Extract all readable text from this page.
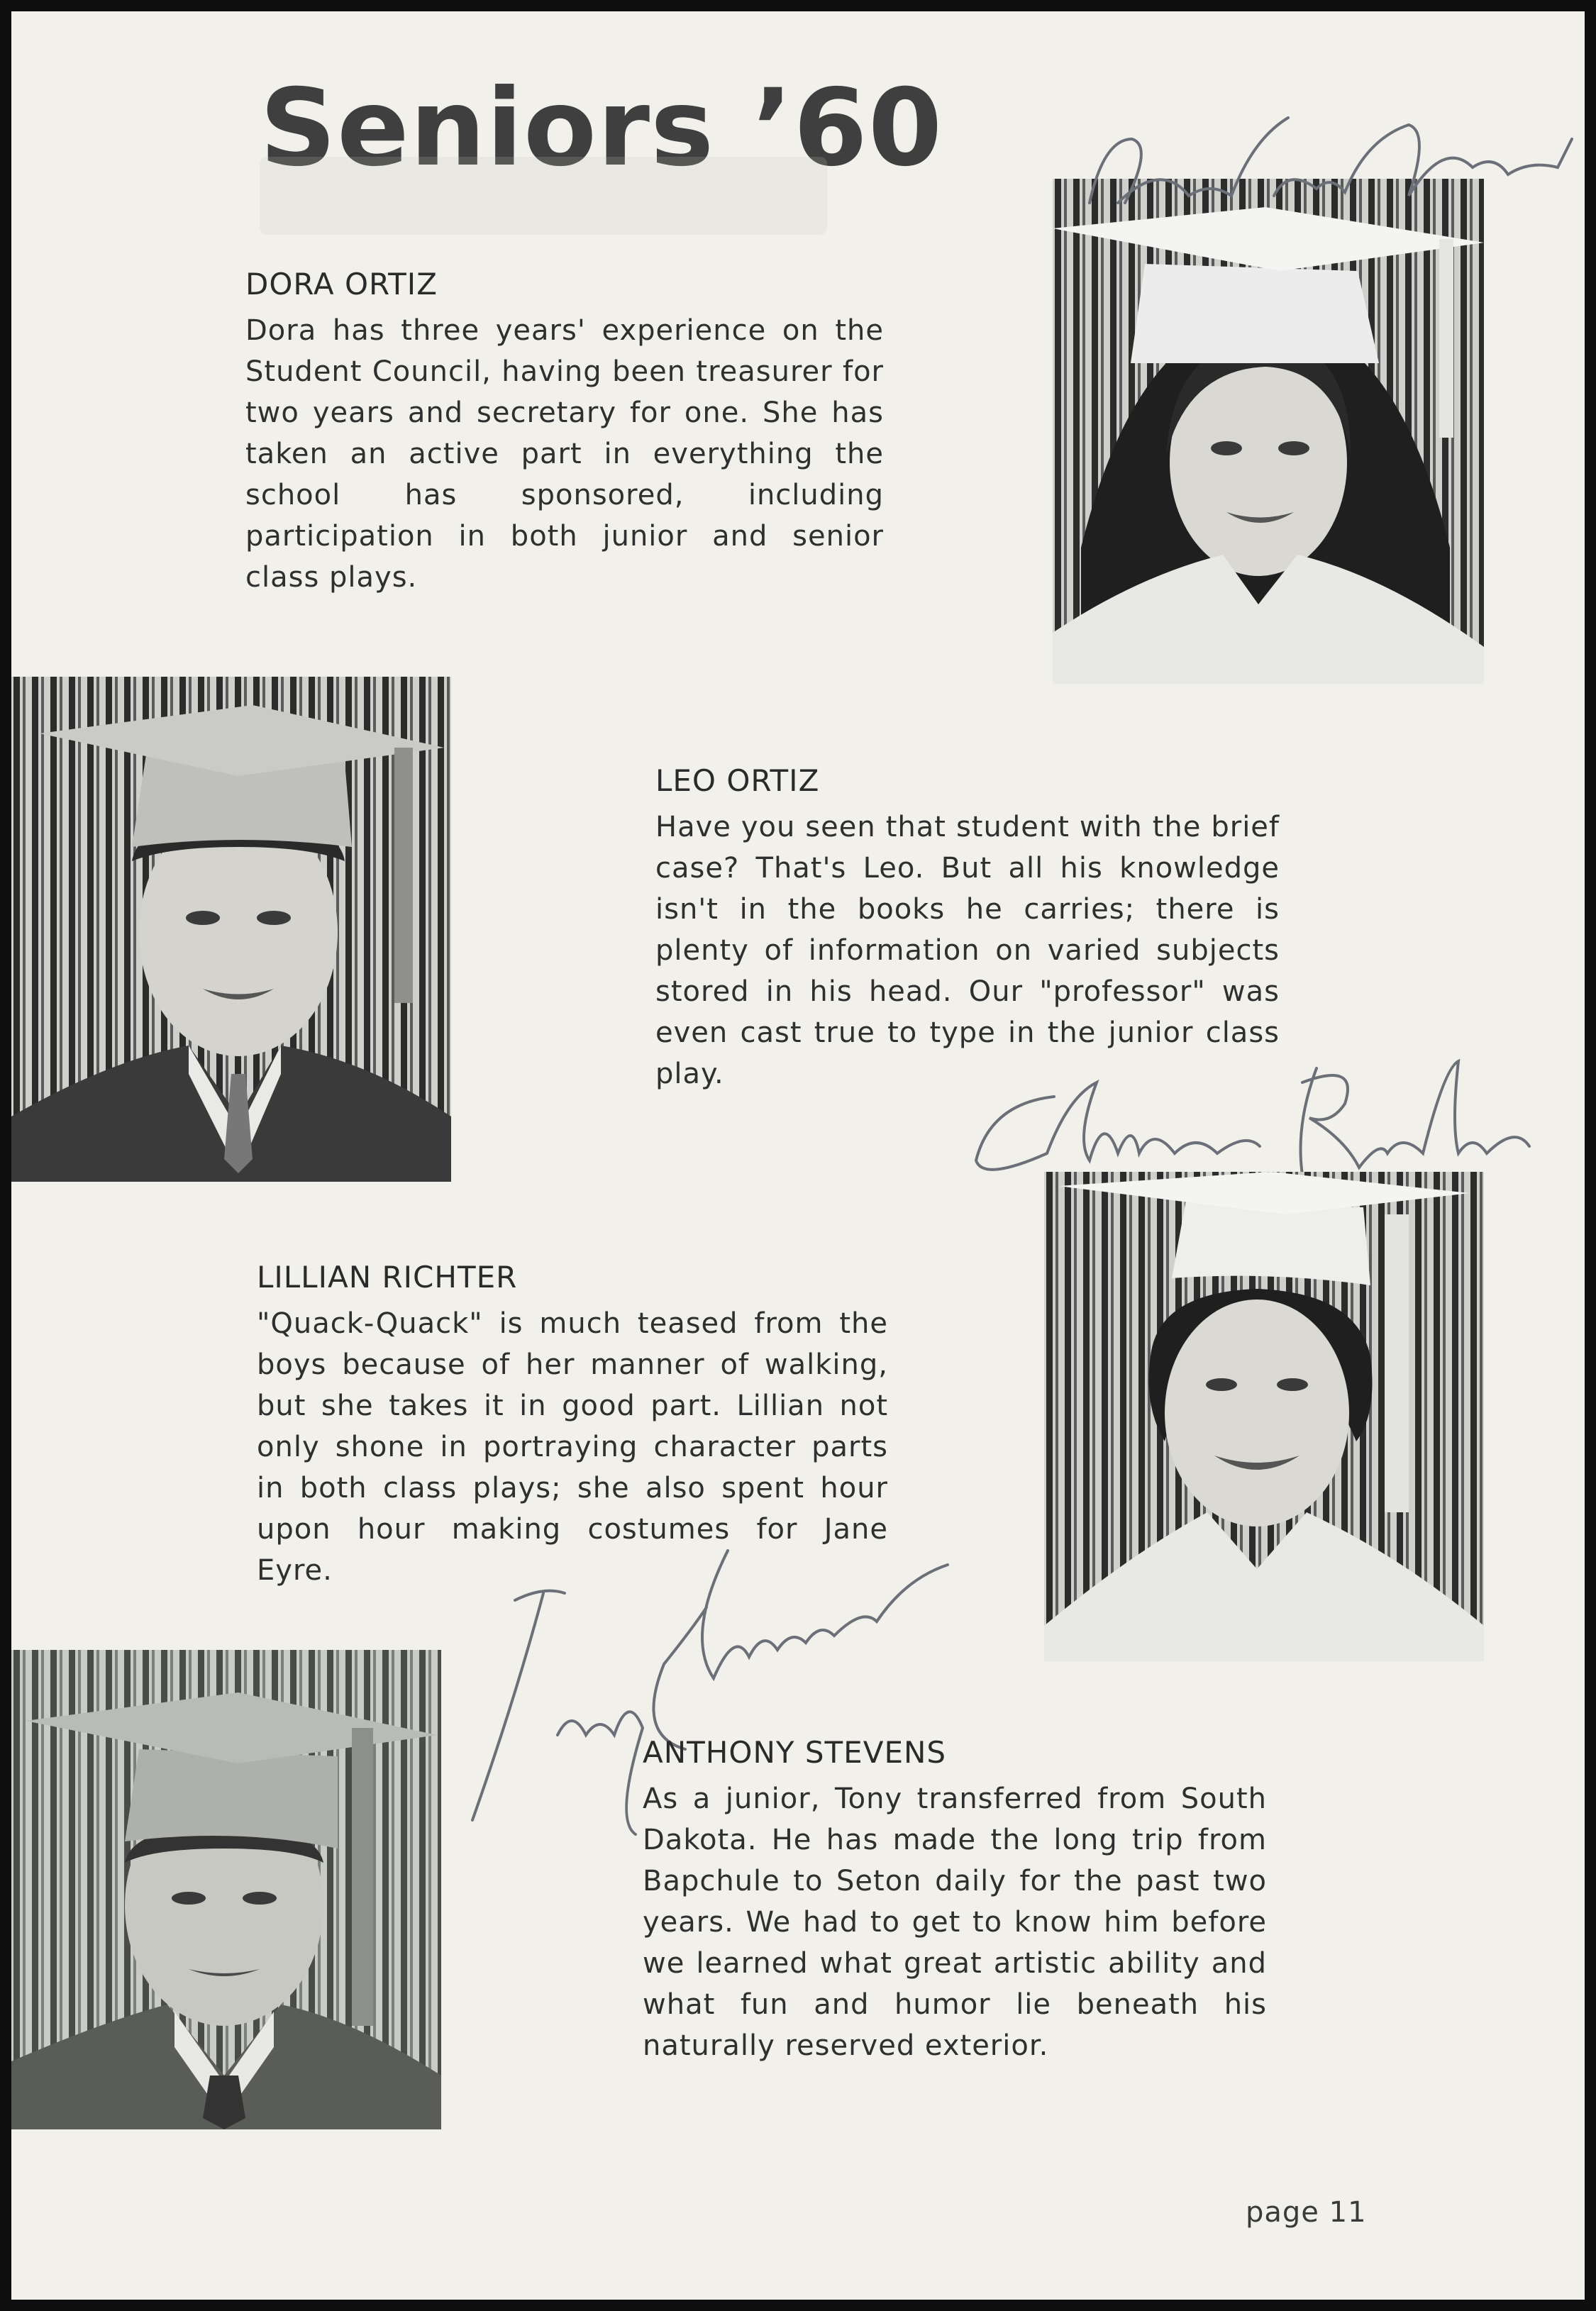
Seniors ’60
DORA ORTIZ

Dora has three years' experience on the Student Council, having been treasurer for two years and secretary for one. She has taken an active part in everything the school has sponsored, including participation in both junior and senior class plays.

LEO ORTIZ

Have you seen that student with the brief case? That's Leo. But all his knowledge isn't in the books he carries; there is plenty of information on varied subjects stored in his head. Our "professor" was even cast true to type in the junior class play.

LILLIAN RICHTER

"Quack-Quack" is much teased from the boys because of her manner of walking, but she takes it in good part. Lillian not only shone in portraying character parts in both class plays; she also spent hour upon hour making costumes for Jane Eyre.

ANTHONY STEVENS

As a junior, Tony transferred from South Dakota. He has made the long trip from Bapchule to Seton daily for the past two years. We had to get to know him before we learned what great artistic ability and what fun and humor lie beneath his naturally reserved exterior.

page 11
